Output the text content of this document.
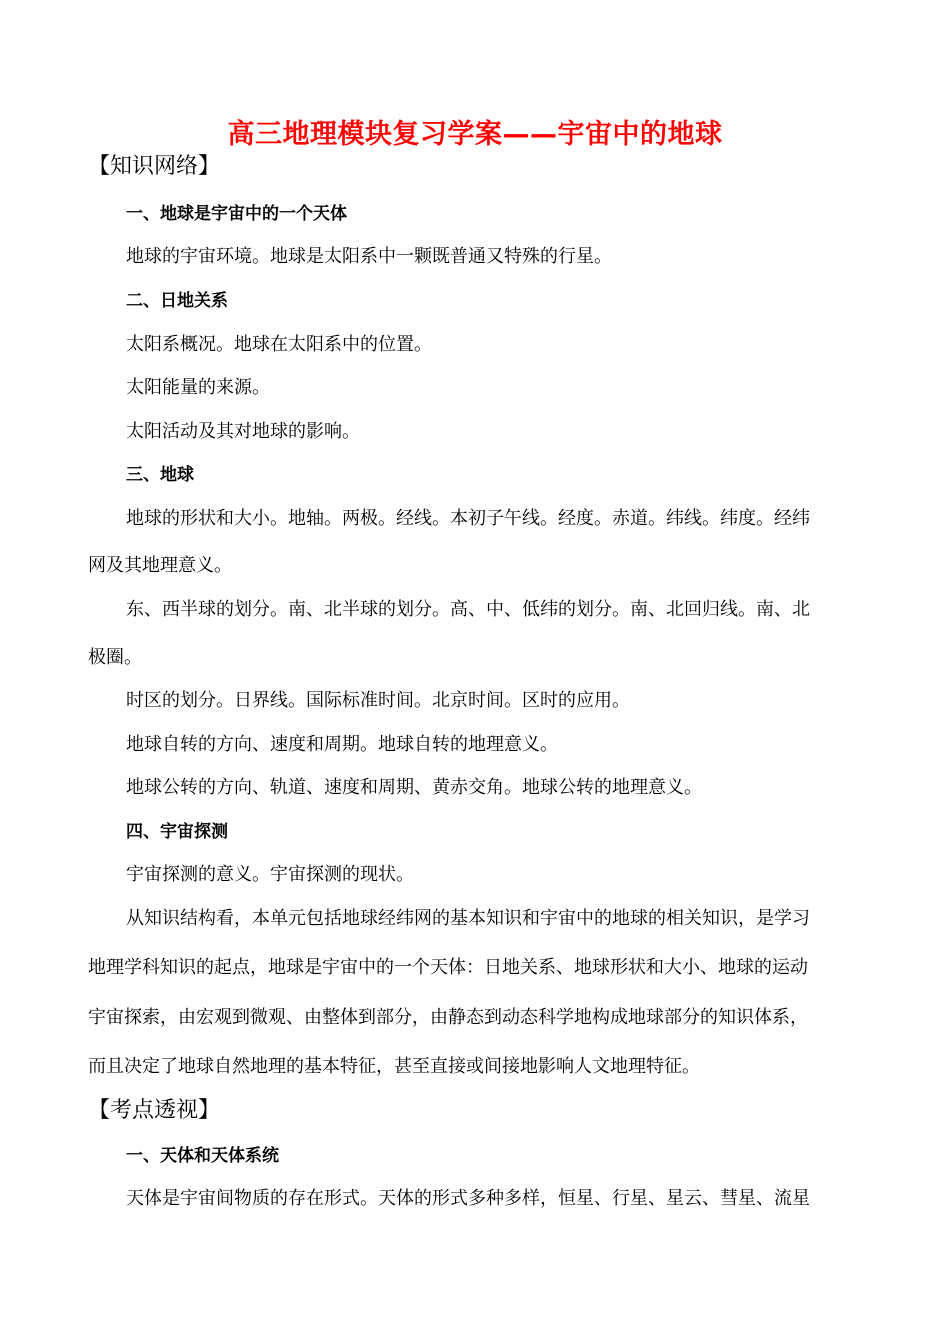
高三地理模块复习学案——宇宙中的地球
【知识网络】
一、地球是宇宙中的一个天体
地球的宇宙环境。地球是太阳系中一颗既普通又特殊的行星。
二、日地关系
太阳系概况。地球在太阳系中的位置。
太阳能量的来源。
太阳活动及其对地球的影响。
三、地球
地球的形状和大小。地轴。两极。经线。本初子午线。经度。赤道。纬线。纬度。经纬
网及其地理意义。
东、西半球的划分。南、北半球的划分。高、中、低纬的划分。南、北回归线。南、北
极圈。
时区的划分。日界线。国际标准时间。北京时间。区时的应用。
地球自转的方向、速度和周期。地球自转的地理意义。
地球公转的方向、轨道、速度和周期、黄赤交角。地球公转的地理意义。
四、宇宙探测
宇宙探测的意义。宇宙探测的现状。
从知识结构看，本单元包括地球经纬网的基本知识和宇宙中的地球的相关知识，是学习
地理学科知识的起点，地球是宇宙中的一个天体：日地关系、地球形状和大小、地球的运动
宇宙探索，由宏观到微观、由整体到部分，由静态到动态科学地构成地球部分的知识体系，
而且决定了地球自然地理的基本特征，甚至直接或间接地影响人文地理特征。
【考点透视】
一、天体和天体系统
天体是宇宙间物质的存在形式。天体的形式多种多样，恒星、行星、星云、彗星、流星
